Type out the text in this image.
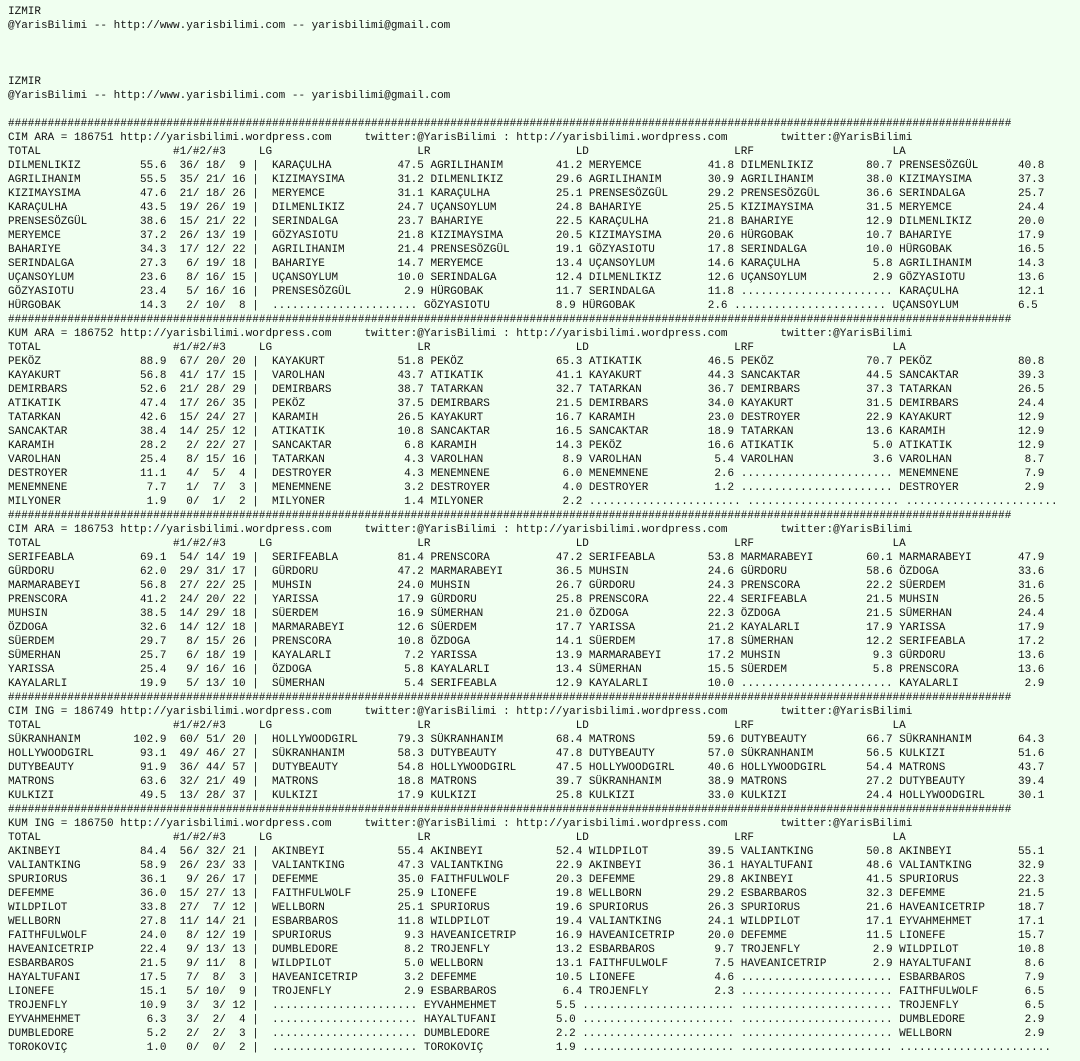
IZMIR
@YarisBilimi -- http://www.yarisbilimi.com -- yarisbilimi@gmail.com

IZMIR
@YarisBilimi -- http://www.yarisbilimi.com -- yarisbilimi@gmail.com

########################################################################################################################################################
CIM ARA = 186751 http://yarisbilimi.wordpress.com     twitter:@YarisBilimi : http://yarisbilimi.wordpress.com        twitter:@YarisBilimi
TOTAL                    #1/#2/#3     LG                      LR                      LD                      LRF                     LA
DILMENLIKIZ         55.6  36/ 18/  9 |  KARAÇULHA          47.5 AGRILIHANIM        41.2 MERYEMCE          41.8 DILMENLIKIZ        80.7 PRENSESÖZGÜL      40.8
AGRILIHANIM         55.5  35/ 21/ 16 |  KIZIMAYSIMA        31.2 DILMENLIKIZ        29.6 AGRILIHANIM       30.9 AGRILIHANIM        38.0 KIZIMAYSIMA       37.3
KIZIMAYSIMA         47.6  21/ 18/ 26 |  MERYEMCE           31.1 KARAÇULHA          25.1 PRENSESÖZGÜL      29.2 PRENSESÖZGÜL       36.6 SERINDALGA        25.7
KARAÇULHA           43.5  19/ 26/ 19 |  DILMENLIKIZ        24.7 UÇANSOYLUM         24.8 BAHARIYE          25.5 KIZIMAYSIMA        31.5 MERYEMCE          24.4
PRENSESÖZGÜL        38.6  15/ 21/ 22 |  SERINDALGA         23.7 BAHARIYE           22.5 KARAÇULHA         21.8 BAHARIYE           12.9 DILMENLIKIZ       20.0
MERYEMCE            37.2  26/ 13/ 19 |  GÖZYASIOTU         21.8 KIZIMAYSIMA        20.5 KIZIMAYSIMA       20.6 HÜRGOBAK           10.7 BAHARIYE          17.9
BAHARIYE            34.3  17/ 12/ 22 |  AGRILIHANIM        21.4 PRENSESÖZGÜL       19.1 GÖZYASIOTU        17.8 SERINDALGA         10.0 HÜRGOBAK          16.5
SERINDALGA          27.3   6/ 19/ 18 |  BAHARIYE           14.7 MERYEMCE           13.4 UÇANSOYLUM        14.6 KARAÇULHA           5.8 AGRILIHANIM       14.3
UÇANSOYLUM          23.6   8/ 16/ 15 |  UÇANSOYLUM         10.0 SERINDALGA         12.4 DILMENLIKIZ       12.6 UÇANSOYLUM          2.9 GÖZYASIOTU        13.6
GÖZYASIOTU          23.4   5/ 16/ 16 |  PRENSESÖZGÜL        2.9 HÜRGOBAK           11.7 SERINDALGA        11.8 ....................... KARAÇULHA         12.1
HÜRGOBAK            14.3   2/ 10/  8 |  ...................... GÖZYASIOTU          8.9 HÜRGOBAK           2.6 ....................... UÇANSOYLUM         6.5
########################################################################################################################################################
KUM ARA = 186752 http://yarisbilimi.wordpress.com     twitter:@YarisBilimi : http://yarisbilimi.wordpress.com        twitter:@YarisBilimi
TOTAL                    #1/#2/#3     LG                      LR                      LD                      LRF                     LA
PEKÖZ               88.9  67/ 20/ 20 |  KAYAKURT           51.8 PEKÖZ              65.3 ATIKATIK          46.5 PEKÖZ              70.7 PEKÖZ             80.8
KAYAKURT            56.8  41/ 17/ 15 |  VAROLHAN           43.7 ATIKATIK           41.1 KAYAKURT          44.3 SANCAKTAR          44.5 SANCAKTAR         39.3
DEMIRBARS           52.6  21/ 28/ 29 |  DEMIRBARS          38.7 TATARKAN           32.7 TATARKAN          36.7 DEMIRBARS          37.3 TATARKAN          26.5
ATIKATIK            47.4  17/ 26/ 35 |  PEKÖZ              37.5 DEMIRBARS          21.5 DEMIRBARS         34.0 KAYAKURT           31.5 DEMIRBARS         24.4
TATARKAN            42.6  15/ 24/ 27 |  KARAMIH            26.5 KAYAKURT           16.7 KARAMIH           23.0 DESTROYER          22.9 KAYAKURT          12.9
SANCAKTAR           38.4  14/ 25/ 12 |  ATIKATIK           10.8 SANCAKTAR          16.5 SANCAKTAR         18.9 TATARKAN           13.6 KARAMIH           12.9
KARAMIH             28.2   2/ 22/ 27 |  SANCAKTAR           6.8 KARAMIH            14.3 PEKÖZ             16.6 ATIKATIK            5.0 ATIKATIK          12.9
VAROLHAN            25.4   8/ 15/ 16 |  TATARKAN            4.3 VAROLHAN            8.9 VAROLHAN           5.4 VAROLHAN            3.6 VAROLHAN           8.7
DESTROYER           11.1   4/  5/  4 |  DESTROYER           4.3 MENEMNENE           6.0 MENEMNENE          2.6 ....................... MENEMNENE          7.9
MENEMNENE            7.7   1/  7/  3 |  MENEMNENE           3.2 DESTROYER           4.0 DESTROYER          1.2 ....................... DESTROYER          2.9
MILYONER             1.9   0/  1/  2 |  MILYONER            1.4 MILYONER            2.2 ....................... ....................... .......................
########################################################################################################################################################
CIM ARA = 186753 http://yarisbilimi.wordpress.com     twitter:@YarisBilimi : http://yarisbilimi.wordpress.com        twitter:@YarisBilimi
TOTAL                    #1/#2/#3     LG                      LR                      LD                      LRF                     LA
SERIFEABLA          69.1  54/ 14/ 19 |  SERIFEABLA         81.4 PRENSCORA          47.2 SERIFEABLA        53.8 MARMARABEYI        60.1 MARMARABEYI       47.9
GÜRDORU             62.0  29/ 31/ 17 |  GÜRDORU            47.2 MARMARABEYI        36.5 MUHSIN            24.6 GÜRDORU            58.6 ÖZDOGA            33.6
MARMARABEYI         56.8  27/ 22/ 25 |  MUHSIN             24.0 MUHSIN             26.7 GÜRDORU           24.3 PRENSCORA          22.2 SÜERDEM           31.6
PRENSCORA           41.2  24/ 20/ 22 |  YARISSA            17.9 GÜRDORU            25.8 PRENSCORA         22.4 SERIFEABLA         21.5 MUHSIN            26.5
MUHSIN              38.5  14/ 29/ 18 |  SÜERDEM            16.9 SÜMERHAN           21.0 ÖZDOGA            22.3 ÖZDOGA             21.5 SÜMERHAN          24.4
ÖZDOGA              32.6  14/ 12/ 18 |  MARMARABEYI        12.6 SÜERDEM            17.7 YARISSA           21.2 KAYALARLI          17.9 YARISSA           17.9
SÜERDEM             29.7   8/ 15/ 26 |  PRENSCORA          10.8 ÖZDOGA             14.1 SÜERDEM           17.8 SÜMERHAN           12.2 SERIFEABLA        17.2
SÜMERHAN            25.7   6/ 18/ 19 |  KAYALARLI           7.2 YARISSA            13.9 MARMARABEYI       17.2 MUHSIN              9.3 GÜRDORU           13.6
YARISSA             25.4   9/ 16/ 16 |  ÖZDOGA              5.8 KAYALARLI          13.4 SÜMERHAN          15.5 SÜERDEM             5.8 PRENSCORA         13.6
KAYALARLI           19.9   5/ 13/ 10 |  SÜMERHAN            5.4 SERIFEABLA         12.9 KAYALARLI         10.0 ....................... KAYALARLI          2.9
########################################################################################################################################################
CIM ING = 186749 http://yarisbilimi.wordpress.com     twitter:@YarisBilimi : http://yarisbilimi.wordpress.com        twitter:@YarisBilimi
TOTAL                    #1/#2/#3     LG                      LR                      LD                      LRF                     LA
SÜKRANHANIM        102.9  60/ 51/ 20 |  HOLLYWOODGIRL      79.3 SÜKRANHANIM        68.4 MATRONS           59.6 DUTYBEAUTY         66.7 SÜKRANHANIM       64.3
HOLLYWOODGIRL       93.1  49/ 46/ 27 |  SÜKRANHANIM        58.3 DUTYBEAUTY         47.8 DUTYBEAUTY        57.0 SÜKRANHANIM        56.5 KULKIZI           51.6
DUTYBEAUTY          91.9  36/ 44/ 57 |  DUTYBEAUTY         54.8 HOLLYWOODGIRL      47.5 HOLLYWOODGIRL     40.6 HOLLYWOODGIRL      54.4 MATRONS           43.7
MATRONS             63.6  32/ 21/ 49 |  MATRONS            18.8 MATRONS            39.7 SÜKRANHANIM       38.9 MATRONS            27.2 DUTYBEAUTY        39.4
KULKIZI             49.5  13/ 28/ 37 |  KULKIZI            17.9 KULKIZI            25.8 KULKIZI           33.0 KULKIZI            24.4 HOLLYWOODGIRL     30.1
########################################################################################################################################################
KUM ING = 186750 http://yarisbilimi.wordpress.com     twitter:@YarisBilimi : http://yarisbilimi.wordpress.com        twitter:@YarisBilimi
TOTAL                    #1/#2/#3     LG                      LR                      LD                      LRF                     LA
AKINBEYI            84.4  56/ 32/ 21 |  AKINBEYI           55.4 AKINBEYI           52.4 WILDPILOT         39.5 VALIANTKING        50.8 AKINBEYI          55.1
VALIANTKING         58.9  26/ 23/ 33 |  VALIANTKING        47.3 VALIANTKING        22.9 AKINBEYI          36.1 HAYALTUFANI        48.6 VALIANTKING       32.9
SPURIORUS           36.1   9/ 26/ 17 |  DEFEMME            35.0 FAITHFULWOLF       20.3 DEFEMME           29.8 AKINBEYI           41.5 SPURIORUS         22.3
DEFEMME             36.0  15/ 27/ 13 |  FAITHFULWOLF       25.9 LIONEFE            19.8 WELLBORN          29.2 ESBARBAROS         32.3 DEFEMME           21.5
WILDPILOT           33.8  27/  7/ 12 |  WELLBORN           25.1 SPURIORUS          19.6 SPURIORUS         26.3 SPURIORUS          21.6 HAVEANICETRIP     18.7
WELLBORN            27.8  11/ 14/ 21 |  ESBARBAROS         11.8 WILDPILOT          19.4 VALIANTKING       24.1 WILDPILOT          17.1 EYVAHMEHMET       17.1
FAITHFULWOLF        24.0   8/ 12/ 19 |  SPURIORUS           9.3 HAVEANICETRIP      16.9 HAVEANICETRIP     20.0 DEFEMME            11.5 LIONEFE           15.7
HAVEANICETRIP       22.4   9/ 13/ 13 |  DUMBLEDORE          8.2 TROJENFLY          13.2 ESBARBAROS         9.7 TROJENFLY           2.9 WILDPILOT         10.8
ESBARBAROS          21.5   9/ 11/  8 |  WILDPILOT           5.0 WELLBORN           13.1 FAITHFULWOLF       7.5 HAVEANICETRIP       2.9 HAYALTUFANI        8.6
HAYALTUFANI         17.5   7/  8/  3 |  HAVEANICETRIP       3.2 DEFEMME            10.5 LIONEFE            4.6 ....................... ESBARBAROS         7.9
LIONEFE             15.1   5/ 10/  9 |  TROJENFLY           2.9 ESBARBAROS          6.4 TROJENFLY          2.3 ....................... FAITHFULWOLF       6.5
TROJENFLY           10.9   3/  3/ 12 |  ...................... EYVAHMEHMET         5.5 ....................... ....................... TROJENFLY          6.5
EYVAHMEHMET          6.3   3/  2/  4 |  ...................... HAYALTUFANI         5.0 ....................... ....................... DUMBLEDORE         2.9
DUMBLEDORE           5.2   2/  2/  3 |  ...................... DUMBLEDORE          2.2 ....................... ....................... WELLBORN           2.9
TOROKOVIÇ            1.0   0/  0/  2 |  ...................... TOROKOVIÇ           1.9 ....................... ....................... .......................
